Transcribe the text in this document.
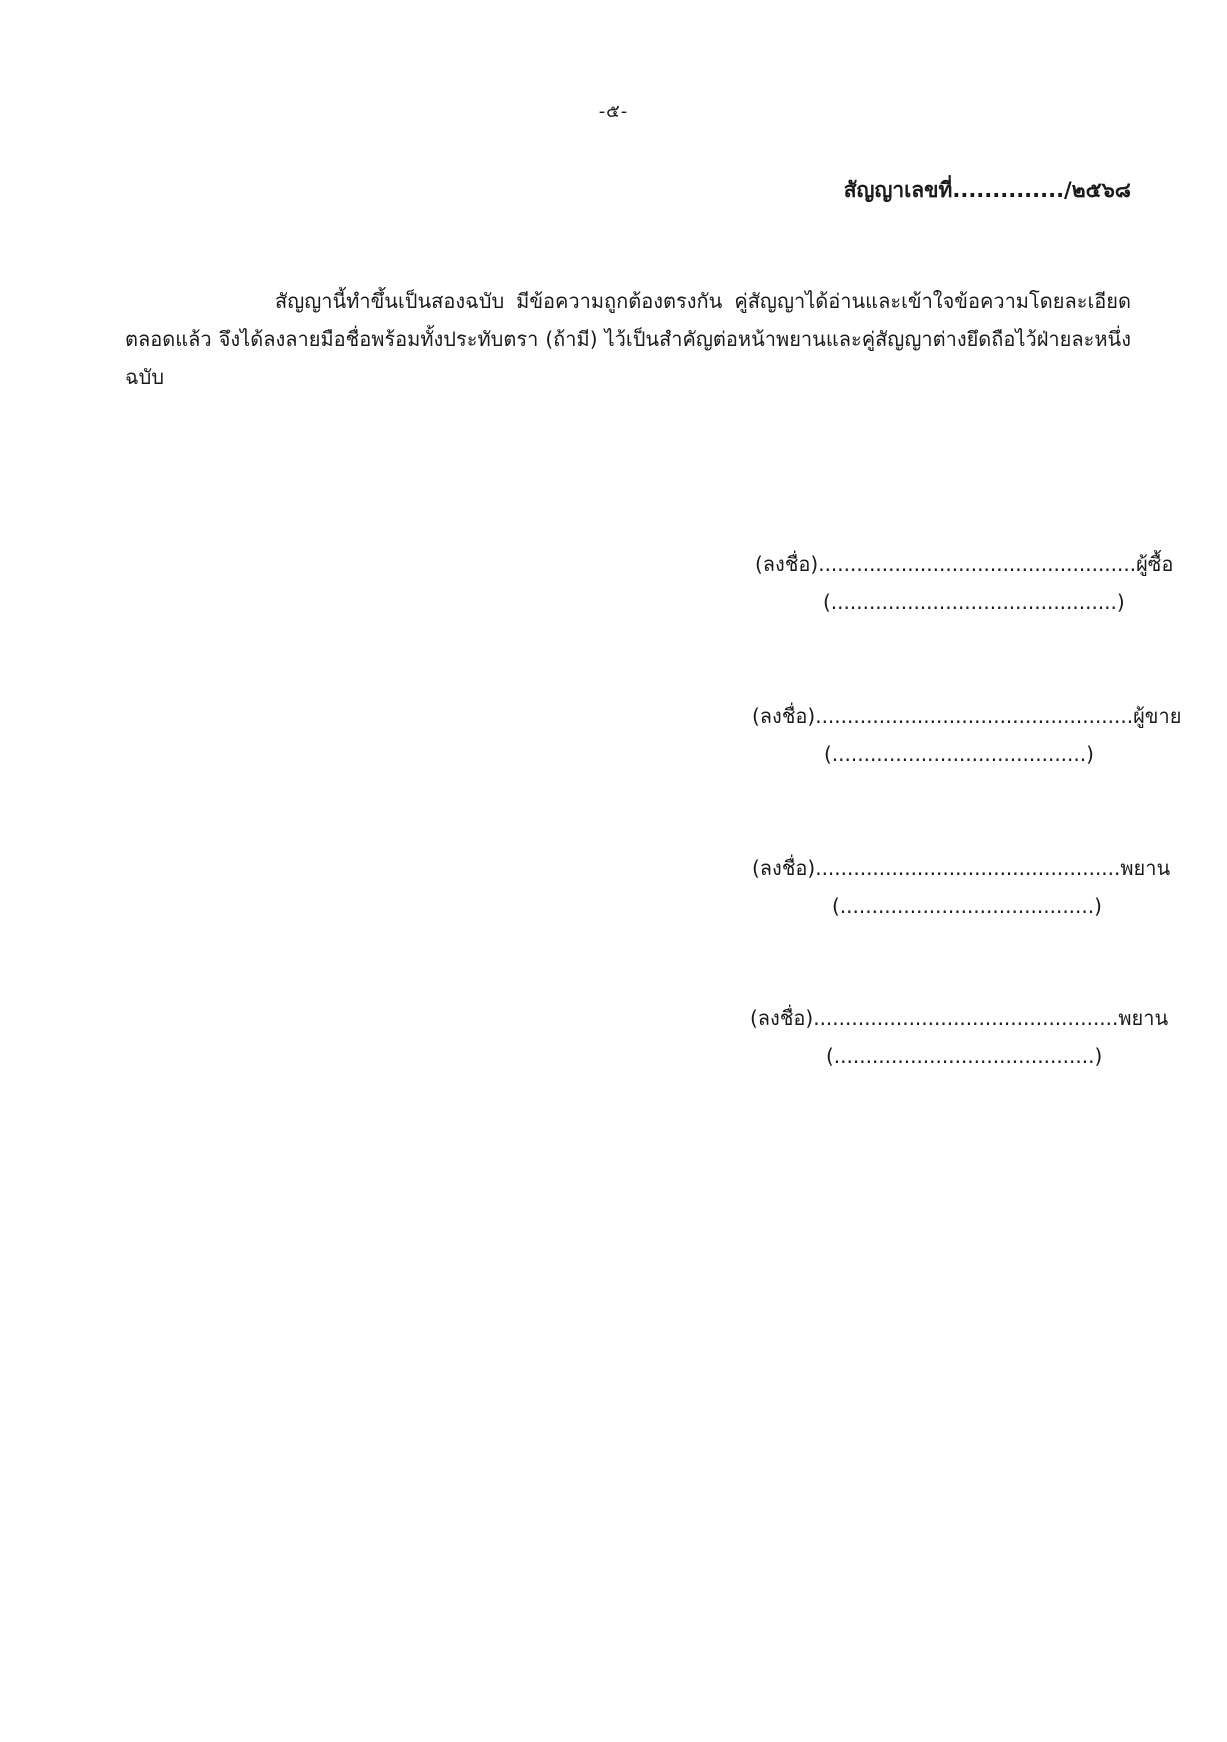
-๕-
สัญญาเลขที่............../๒๕๖๘
สัญญานี้ทำขึ้นเป็นสองฉบับ มีข้อความถูกต้องตรงกัน คู่สัญญาได้อ่านและเข้าใจข้อความโดยละเอียดตลอดแล้ว จึงได้ลงลายมือชื่อพร้อมทั้งประทับตรา (ถ้ามี) ไว้เป็นสำคัญต่อหน้าพยานและคู่สัญญาต่างยึดถือไว้ฝ่ายละหนึ่งฉบับ
(ลงชื่อ)..................................................ผู้ซื้อ
(.............................................)
(ลงชื่อ)..................................................ผู้ขาย
(........................................)
(ลงชื่อ)................................................พยาน
(........................................)
(ลงชื่อ)................................................พยาน
(.........................................)
